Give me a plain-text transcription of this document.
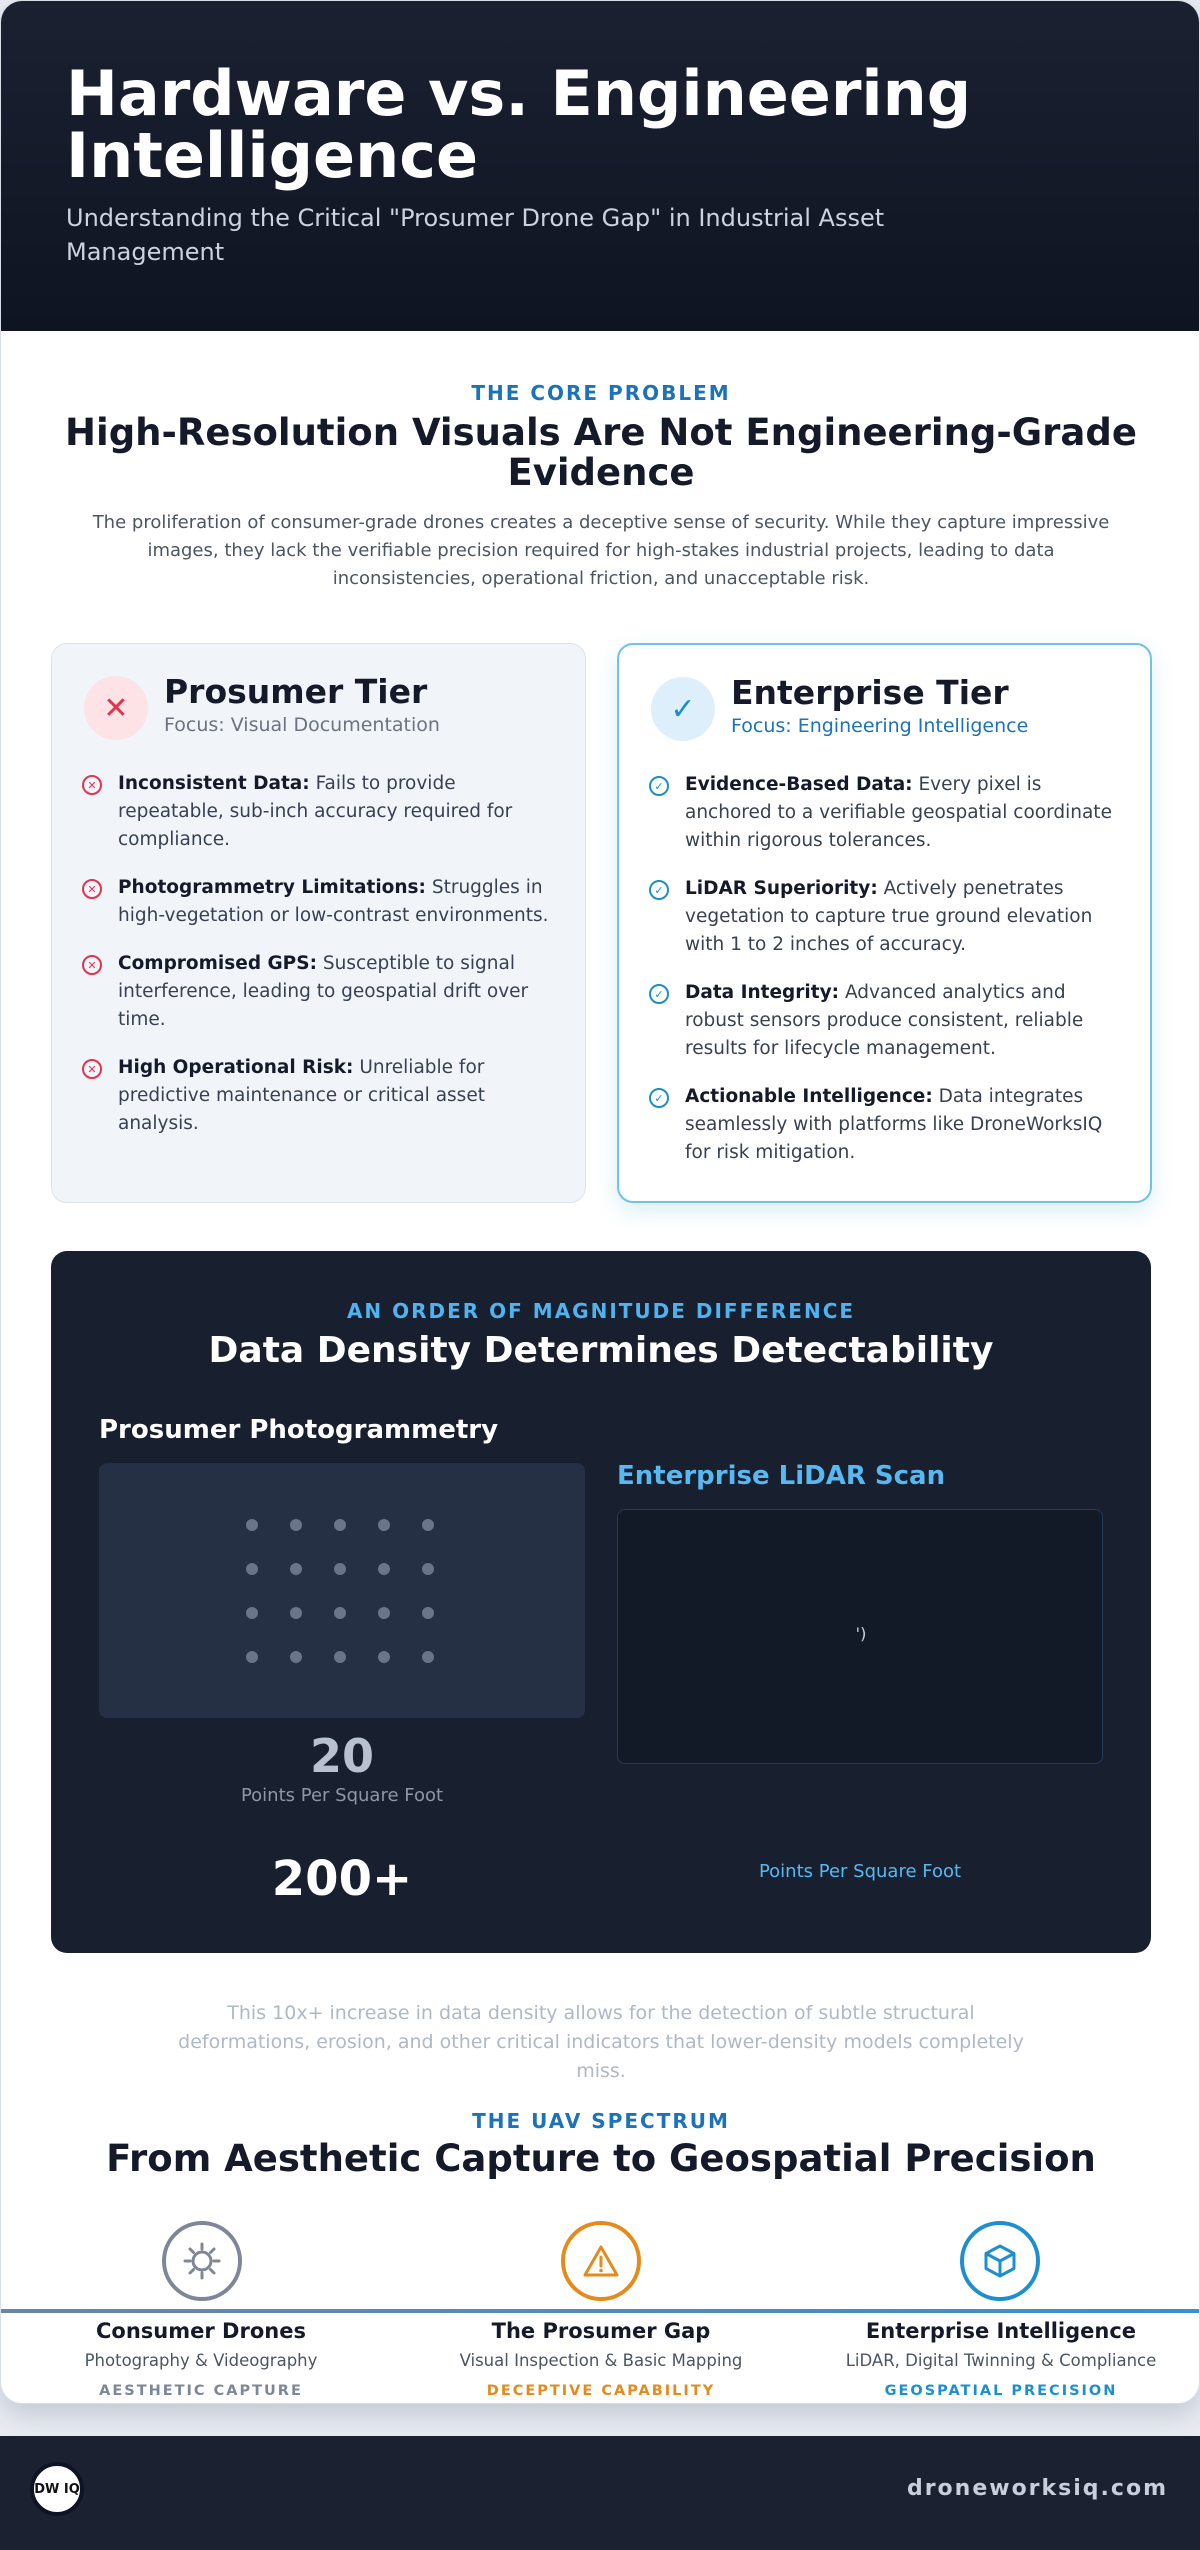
Hardware vs. Engineering Intelligence

Understanding the Critical "Prosumer Drone Gap" in Industrial Asset Management

THE CORE PROBLEM
High-Resolution Visuals Are Not Engineering-Grade Evidence
The proliferation of consumer-grade drones creates a deceptive sense of security. While they capture impressive images, they lack the verifiable precision required for high-stakes industrial projects, leading to data inconsistencies, operational friction, and unacceptable risk.
✕	Prosumer Tier
Focus: Visual Documentation
✕ Inconsistent Data: Fails to provide repeatable, sub-inch accuracy required for compliance.
✕ Photogrammetry Limitations: Struggles in high-vegetation or low-contrast environments.
✕ Compromised GPS: Susceptible to signal interference, leading to geospatial drift over time.
✕ High Operational Risk: Unreliable for predictive maintenance or critical asset analysis.
✓	Enterprise Tier
Focus: Engineering Intelligence
✓ Evidence-Based Data: Every pixel is anchored to a verifiable geospatial coordinate within rigorous tolerances.
✓ LiDAR Superiority: Actively penetrates vegetation to capture true ground elevation with 1 to 2 inches of accuracy.
✓ Data Integrity: Advanced analytics and robust sensors produce consistent, reliable results for lifecycle management.
✓ Actionable Intelligence: Data integrates seamlessly with platforms like DroneWorksIQ for risk mitigation.
AN ORDER OF MAGNITUDE DIFFERENCE
Data Density Determines Detectability
Prosumer Photogrammetry
20
Points Per Square Foot
Enterprise LiDAR Scan
')
200+	Points Per Square Foot
This 10x+ increase in data density allows for the detection of subtle structural deformations, erosion, and other critical indicators that lower-density models completely miss.
THE UAV SPECTRUM
From Aesthetic Capture to Geospatial Precision
Consumer Drones
Photography & Videography
AESTHETIC CAPTURE
The Prosumer Gap
Visual Inspection & Basic Mapping
DECEPTIVE CAPABILITY
Enterprise Intelligence
LiDAR, Digital Twinning & Compliance
GEOSPATIAL PRECISION
DW IQ	droneworksiq.com
